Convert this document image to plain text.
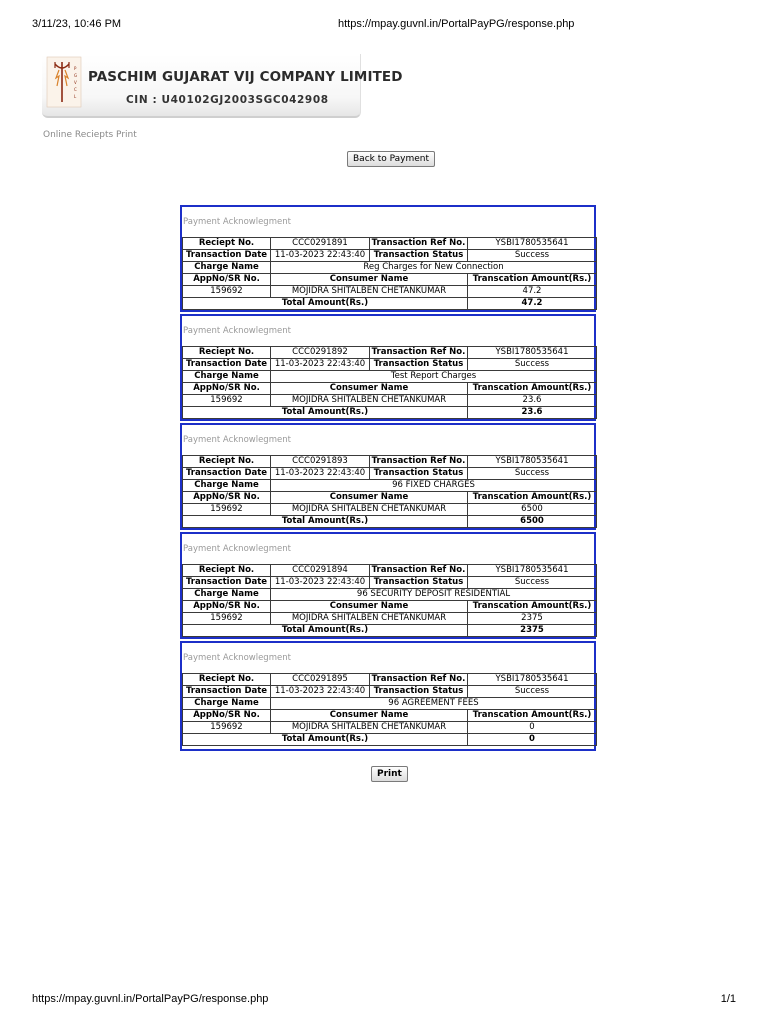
3/11/23, 10:46 PM	https://mpay.guvnl.in/PortalPayPG/response.php
P
G
V
C
L
PASCHIM GUJARAT VIJ COMPANY LIMITED
CIN : U40102GJ2003SGC042908
Online Reciepts Print
Back to Payment
Payment Acknowlegment
Reciept No.	CCC0291891	Transaction Ref No.	YSBI1780535641
Transaction Date	11-03-2023 22:43:40	Transaction Status	Success
Charge Name	Reg Charges for New Connection		
AppNo/SR No.	Consumer Name		Transcation Amount(Rs.)
159692	MOJIDRA SHITALBEN CHETANKUMAR		47.2
Total Amount(Rs.)			47.2
Payment Acknowlegment
Reciept No.	CCC0291892	Transaction Ref No.	YSBI1780535641
Transaction Date	11-03-2023 22:43:40	Transaction Status	Success
Charge Name	Test Report Charges		
AppNo/SR No.	Consumer Name		Transcation Amount(Rs.)
159692	MOJIDRA SHITALBEN CHETANKUMAR		23.6
Total Amount(Rs.)			23.6
Payment Acknowlegment
Reciept No.	CCC0291893	Transaction Ref No.	YSBI1780535641
Transaction Date	11-03-2023 22:43:40	Transaction Status	Success
Charge Name	96 FIXED CHARGES		
AppNo/SR No.	Consumer Name		Transcation Amount(Rs.)
159692	MOJIDRA SHITALBEN CHETANKUMAR		6500
Total Amount(Rs.)			6500
Payment Acknowlegment
Reciept No.	CCC0291894	Transaction Ref No.	YSBI1780535641
Transaction Date	11-03-2023 22:43:40	Transaction Status	Success
Charge Name	96 SECURITY DEPOSIT RESIDENTIAL		
AppNo/SR No.	Consumer Name		Transcation Amount(Rs.)
159692	MOJIDRA SHITALBEN CHETANKUMAR		2375
Total Amount(Rs.)			2375
Payment Acknowlegment
Reciept No.	CCC0291895	Transaction Ref No.	YSBI1780535641
Transaction Date	11-03-2023 22:43:40	Transaction Status	Success
Charge Name	96 AGREEMENT FEES		
AppNo/SR No.	Consumer Name		Transcation Amount(Rs.)
159692	MOJIDRA SHITALBEN CHETANKUMAR		0
Total Amount(Rs.)			0
Print
https://mpay.guvnl.in/PortalPayPG/response.php	1/1
